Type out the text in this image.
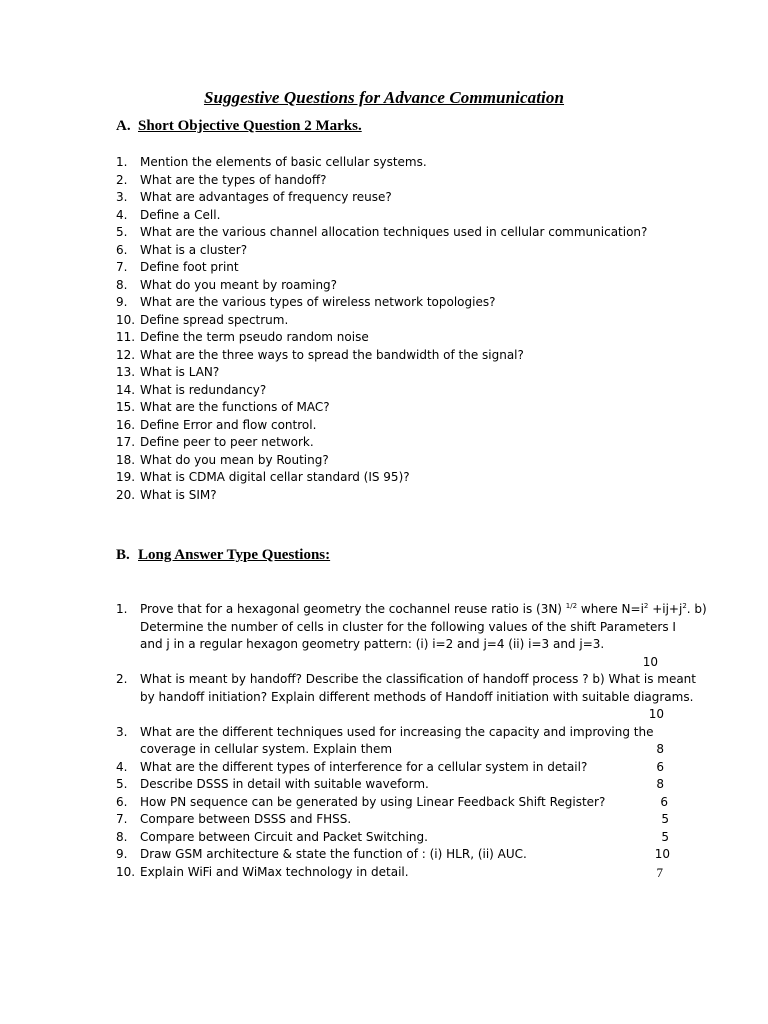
Suggestive Questions for Advance Communication
A. Short Objective Question 2 Marks.
1. Mention the elements of basic cellular systems.
2. What are the types of handoff?
3. What are advantages of frequency reuse?
4. Define a Cell.
5. What are the various channel allocation techniques used in cellular communication?
6. What is a cluster?
7. Define foot print
8. What do you meant by roaming?
9. What are the various types of wireless network topologies?
10. Define spread spectrum.
11. Define the term pseudo random noise
12. What are the three ways to spread the bandwidth of the signal?
13. What is LAN?
14. What is redundancy?
15. What are the functions of MAC?
16. Define Error and flow control.
17. Define peer to peer network.
18. What do you mean by Routing?
19. What is CDMA digital cellar standard (IS 95)?
20. What is SIM?
B. Long Answer Type Questions:
1. Prove that for a hexagonal geometry the cochannel reuse ratio is (3N) $^{1/2}$ where $N=i^2 +ij+j^2$. b)
Determine the number of cells in cluster for the following values of the shift Parameters I
and j in a regular hexagon geometry pattern: (i) i=2 and j=4 (ii) i=3 and j=3.
10
2. What is meant by handoff? Describe the classification of handoff process ? b) What is meant
by handoff initiation? Explain different methods of Handoff initiation with suitable diagrams.
10
3. What are the different techniques used for increasing the capacity and improving the
coverage in cellular system. Explain them	8
4. What are the different types of interference for a cellular system in detail?	6
5. Describe DSSS in detail with suitable waveform.	8
6. How PN sequence can be generated by using Linear Feedback Shift Register?	6
7. Compare between DSSS and FHSS.	5
8. Compare between Circuit and Packet Switching.	5
9. Draw GSM architecture & state the function of : (i) HLR, (ii) AUC.	10
10. Explain WiFi and WiMax technology in detail.	7
